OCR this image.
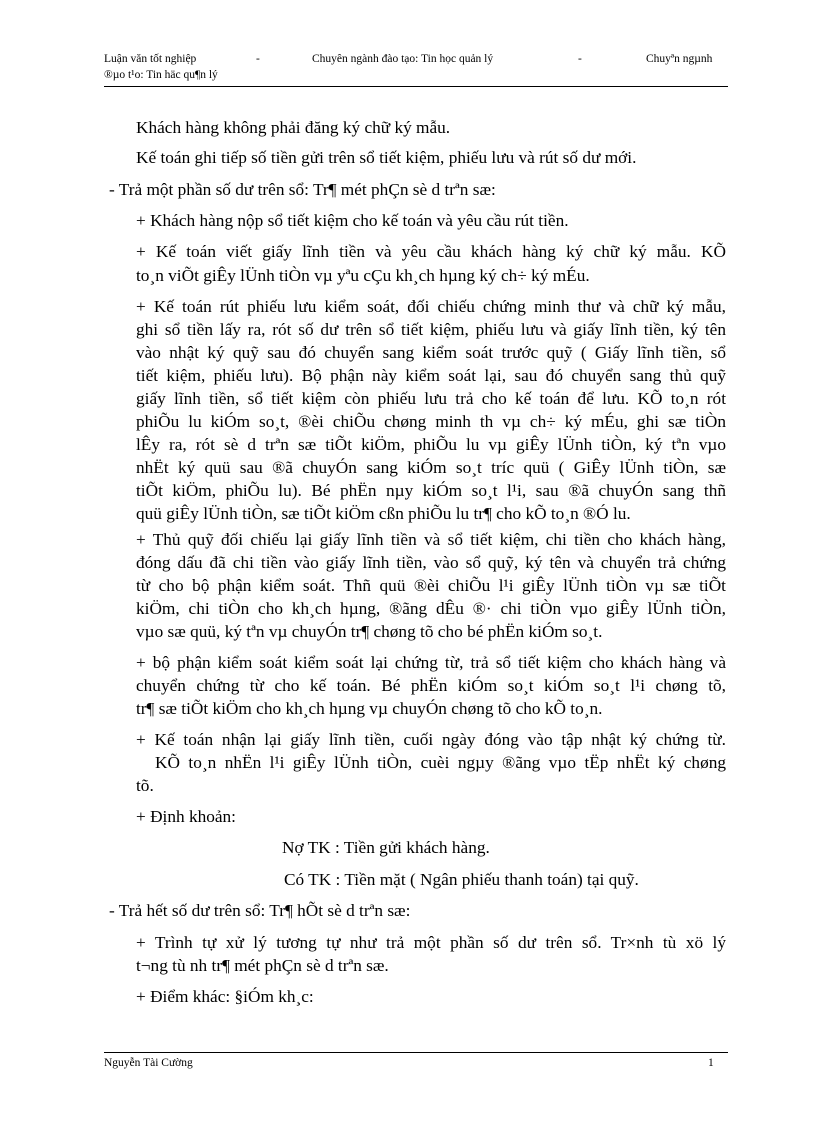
Luận văn tốt nghiệp	-	Chuyên ngành đào tạo: Tin học quản lý	-	Chuyªn ngµnh
®µo t¹o: Tin häc qu¶n lý
Khách hàng không phải đăng ký chữ ký mẫu.
Kế toán ghi tiếp số tiền gửi trên sổ tiết kiệm, phiếu lưu và rút số dư mới.
- Trả một phần số dư trên sổ: Tr¶ mét phÇn sè d trªn sæ:
+ Khách hàng nộp sổ tiết kiệm cho kế toán và yêu cầu rút tiền.
+ Kế toán viết giấy lĩnh tiền và yêu cầu khách hàng ký chữ ký mẫu. KÕ
to¸n viÕt giÊy lÜnh tiÒn vµ yªu cÇu kh¸ch hµng ký ch÷ ký mÉu.
+ Kế toán rút phiếu lưu kiểm soát, đối chiếu chứng minh thư và chữ ký mẫu,
ghi sổ tiền lấy ra, rót số dư trên sổ tiết kiệm, phiếu lưu và giấy lĩnh tiền, ký tên
vào nhật ký quỹ sau đó chuyển sang kiểm soát trước quỹ ( Giấy lĩnh tiền, sổ
tiết kiệm, phiếu lưu). Bộ phận này kiểm soát lại, sau đó chuyển sang thủ quỹ
giấy lĩnh tiền, sổ tiết kiệm còn phiếu lưu trả cho kế toán để lưu. KÕ to¸n rót
phiÕu lu kiÓm so¸t, ®èi chiÕu chøng minh th vµ ch÷ ký mÉu, ghi sæ tiÒn
lÊy ra, rót sè d trªn sæ tiÕt kiÖm, phiÕu lu vµ giÊy lÜnh tiÒn, ký tªn vµo
nhËt ký quü sau ®ã chuyÓn sang kiÓm so¸t tríc quü ( GiÊy lÜnh tiÒn, sæ
tiÕt kiÖm, phiÕu lu). Bé phËn nµy kiÓm so¸t l¹i, sau ®ã chuyÓn sang thñ
quü giÊy lÜnh tiÒn, sæ tiÕt kiÖm cßn phiÕu lu tr¶ cho kÕ to¸n ®Ó lu.
+ Thủ quỹ đối chiếu lại giấy lĩnh tiền và sổ tiết kiệm, chi tiền cho khách hàng,
đóng dấu đã chi tiền vào giấy lĩnh tiền, vào sổ quỹ, ký tên và chuyển trả chứng
từ cho bộ phận kiểm soát. Thñ quü ®èi chiÕu l¹i giÊy lÜnh tiÒn vµ sæ tiÕt
kiÖm, chi tiÒn cho kh¸ch hµng, ®ãng dÊu ®· chi tiÒn vµo giÊy lÜnh tiÒn,
vµo sæ quü, ký tªn vµ chuyÓn tr¶ chøng tõ cho bé phËn kiÓm so¸t.
+ bộ phận kiểm soát kiểm soát lại chứng từ, trả sổ tiết kiệm cho khách hàng và
chuyển chứng từ cho kế toán. Bé phËn kiÓm so¸t kiÓm so¸t l¹i chøng tõ,
tr¶ sæ tiÕt kiÖm cho kh¸ch hµng vµ chuyÓn chøng tõ cho kÕ to¸n.
+ Kế toán nhận lại giấy lĩnh tiền, cuối ngày đóng vào tập nhật ký chứng từ.
KÕ to¸n nhËn l¹i giÊy lÜnh tiÒn, cuèi ngµy ®ãng vµo tËp nhËt ký chøng
tõ.
+ Định khoản:
Nợ TK : Tiền gửi khách hàng.
Có TK : Tiền mặt ( Ngân phiếu thanh toán) tại quỹ.
- Trả hết số dư trên sổ: Tr¶ hÕt sè d trªn sæ:
+ Trình tự xử lý tương tự như trả một phần số dư trên sổ. Tr×nh tù xö lý
t¬ng tù nh tr¶ mét phÇn sè d trªn sæ.
+ Điểm khác: §iÓm kh¸c:
Nguyễn Tài Cường	1
